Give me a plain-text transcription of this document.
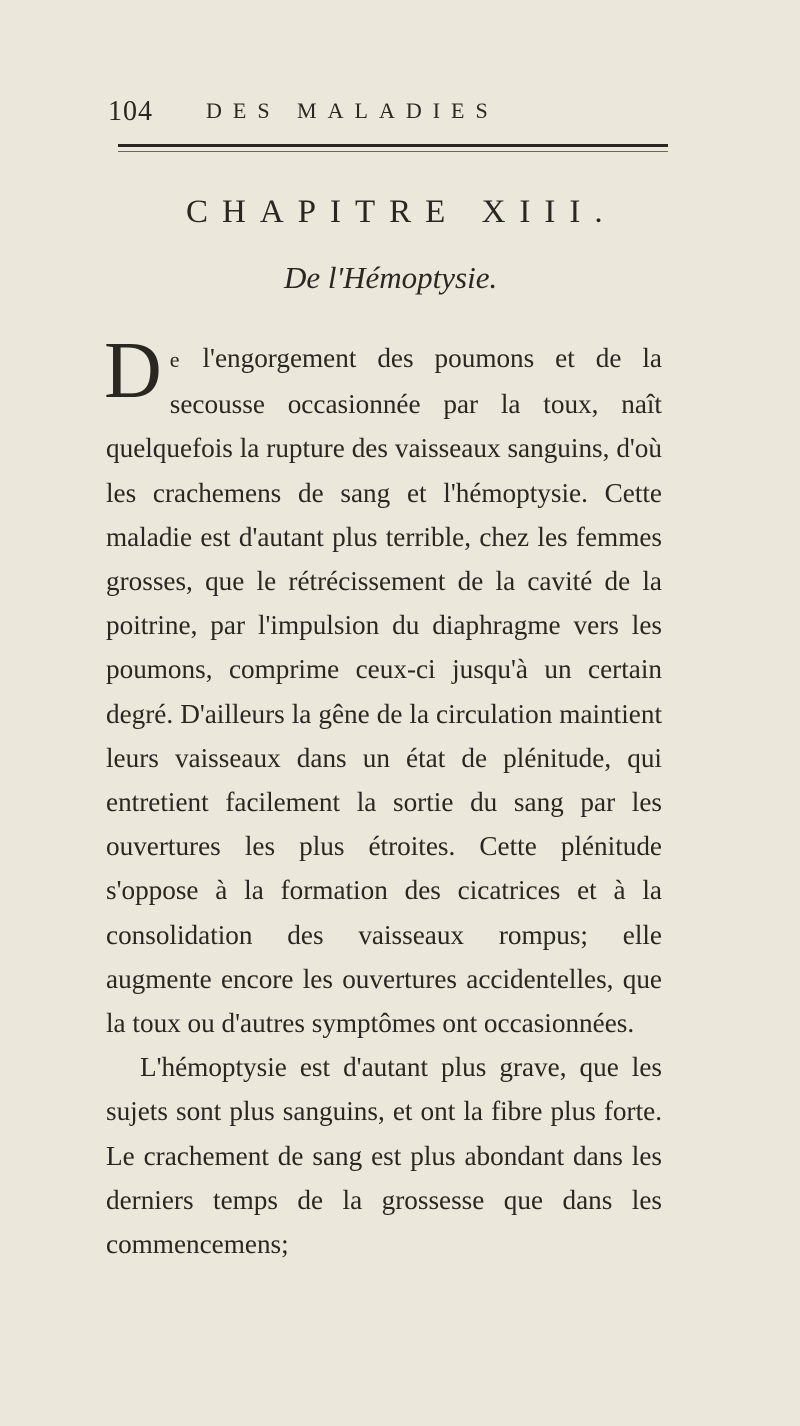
104 DES MALADIES
CHAPITRE XIII.
De l'Hémoptysie.

De l'engorgement des poumons et de la secousse occasionnée par la toux, naît quelquefois la rupture des vaisseaux sanguins, d'où les crachemens de sang et l'hémoptysie. Cette maladie est d'autant plus terrible, chez les femmes grosses, que le rétrécissement de la cavité de la poitrine, par l'impulsion du diaphragme vers les poumons, comprime ceux-ci jusqu'à un certain degré. D'ailleurs la gêne de la circulation maintient leurs vaisseaux dans un état de plénitude, qui entretient facilement la sortie du sang par les ouvertures les plus étroites. Cette plénitude s'oppose à la formation des cicatrices et à la consolidation des vaisseaux rompus; elle augmente encore les ouvertures accidentelles, que la toux ou d'autres symptômes ont occasionnées.

L'hémoptysie est d'autant plus grave, que les sujets sont plus sanguins, et ont la fibre plus forte. Le crachement de sang est plus abondant dans les derniers temps de la grossesse que dans les commencemens;
